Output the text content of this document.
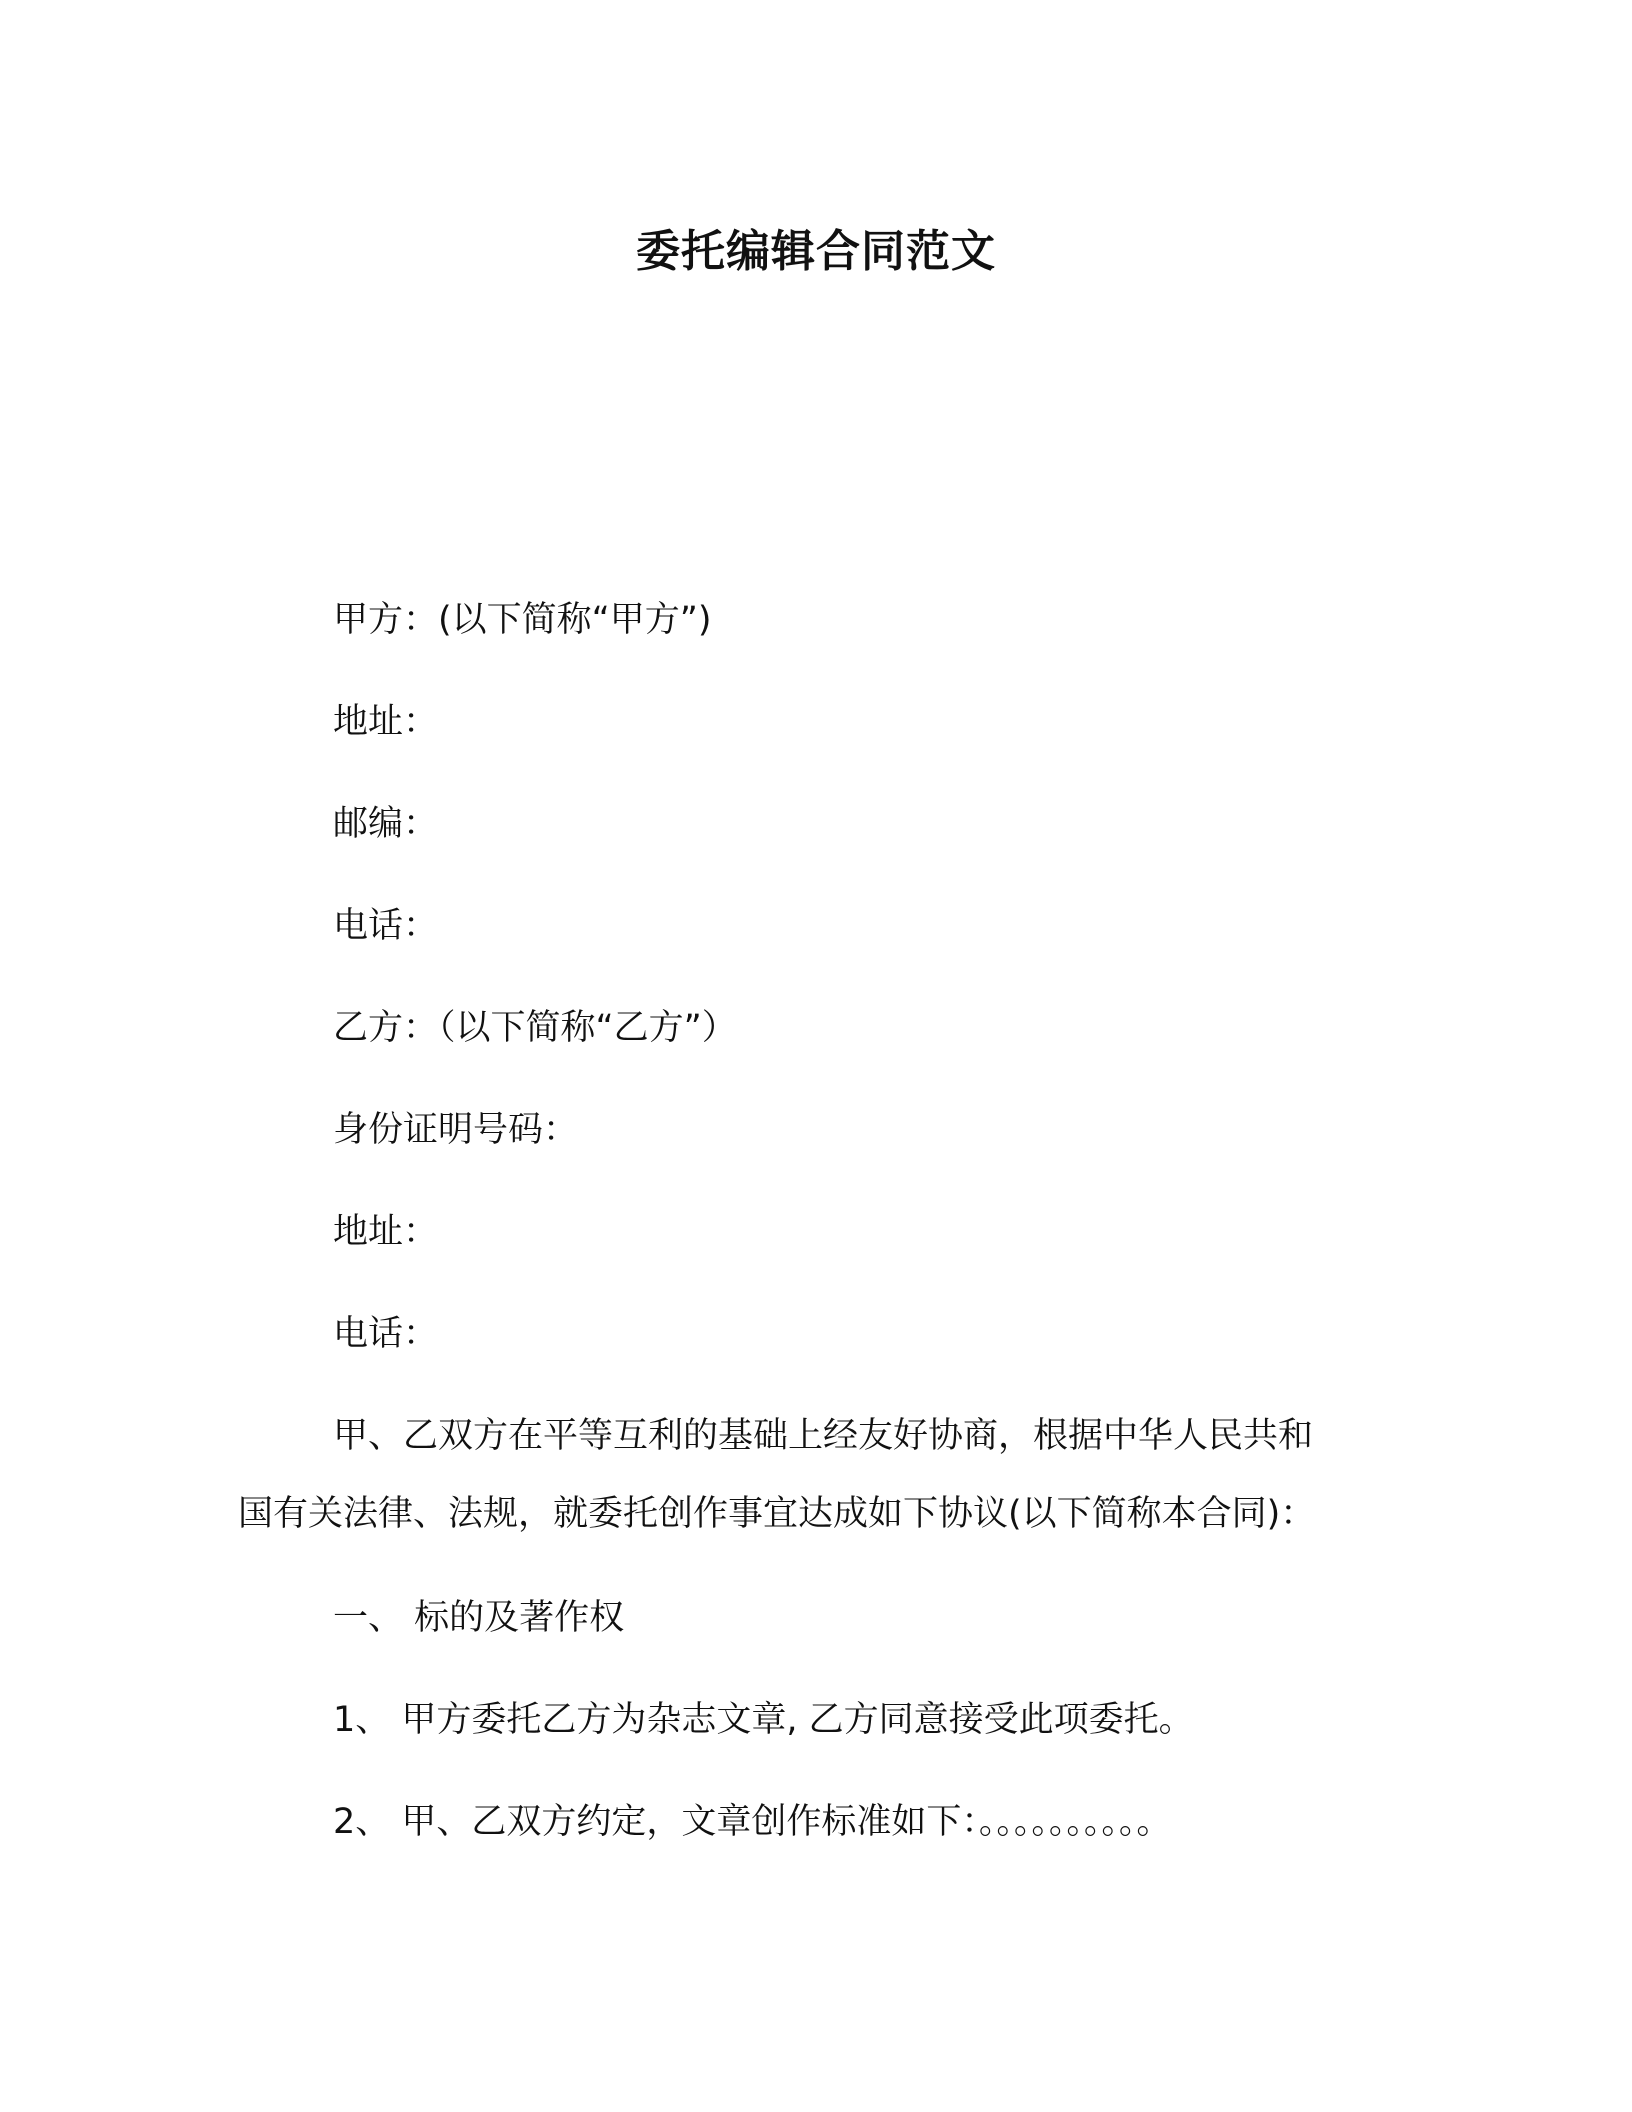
委托编辑合同范文
甲方：(以下简称“甲方”)
地址：
邮编：
电话：
乙方：（以下简称“乙方”）
身份证明号码：
地址：
电话：
甲、乙双方在平等互利的基础上经友好协商，根据中华人民共和
国有关法律、法规，就委托创作事宜达成如下协议(以下简称本合同)：
一、 标的及著作权
1、 甲方委托乙方为杂志文章, 乙方同意接受此项委托。
2、 甲、乙双方约定，文章创作标准如下：。。。。。。。。。。
